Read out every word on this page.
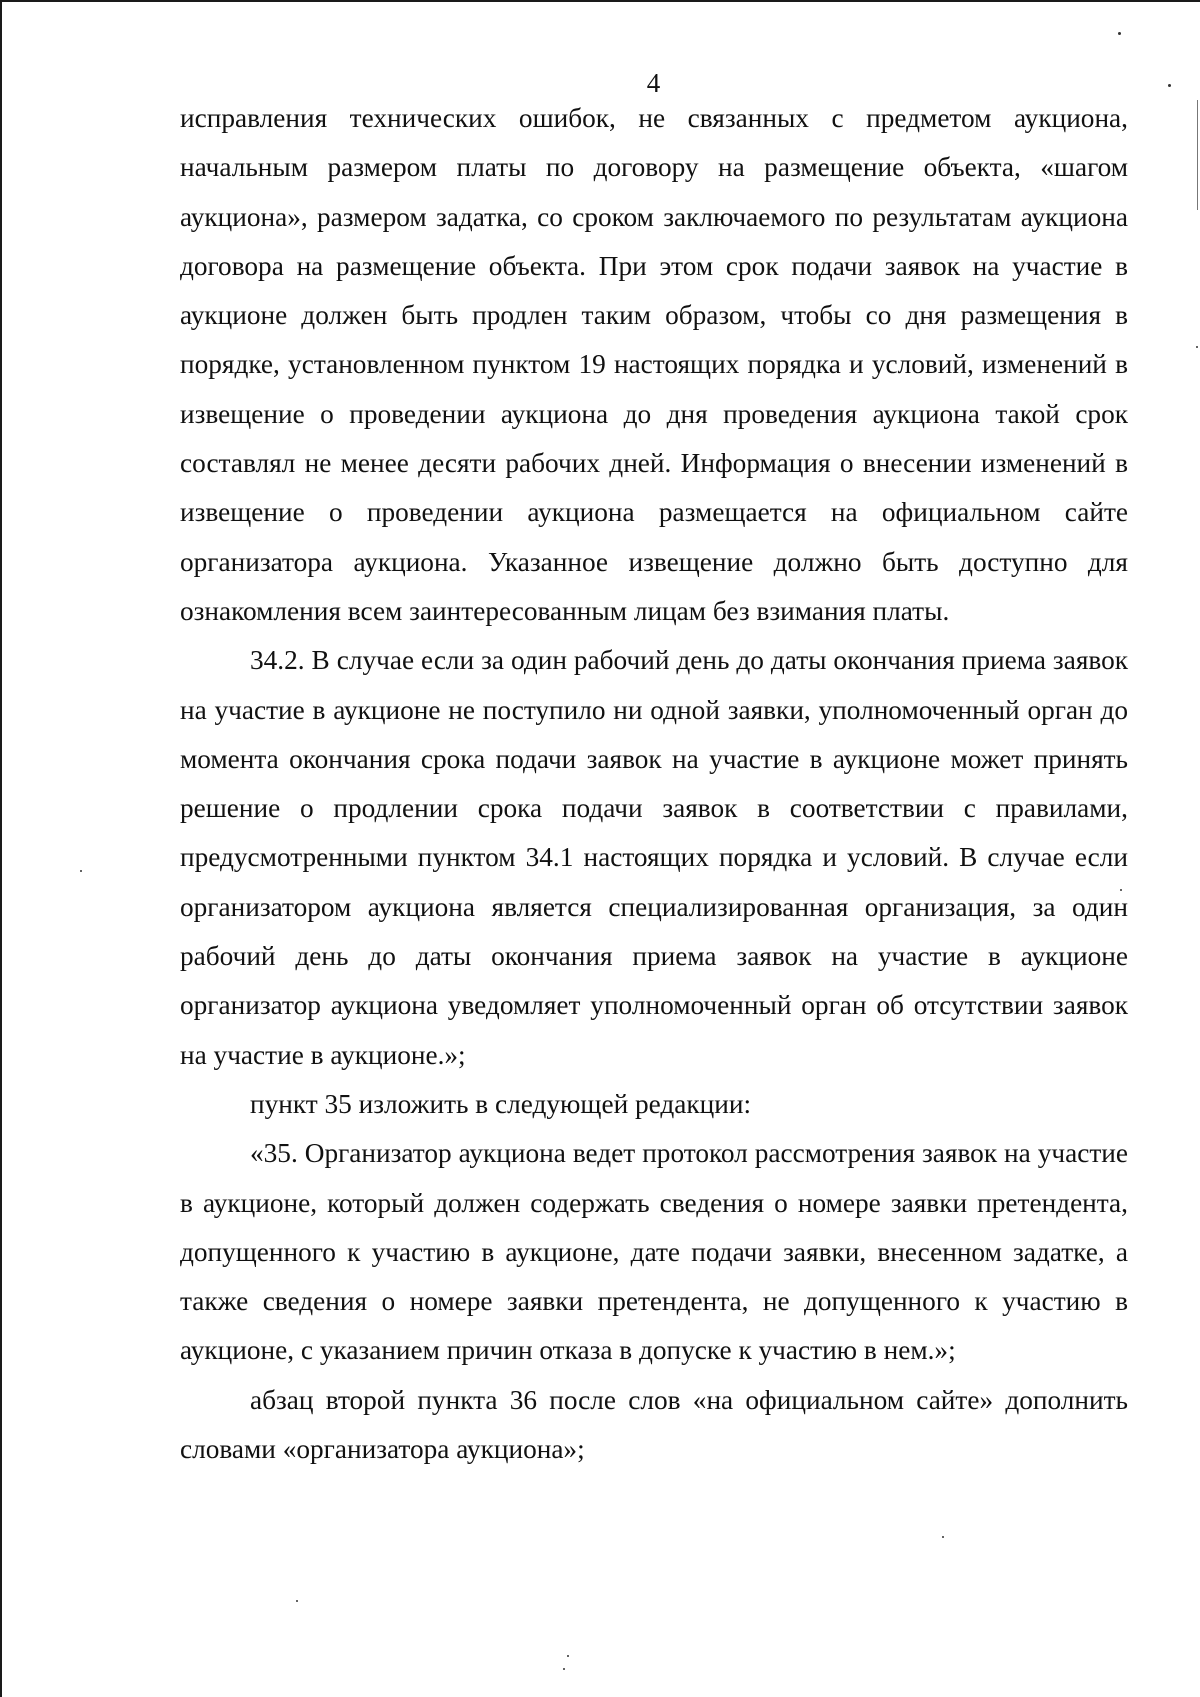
4

исправления технических ошибок, не связанных с предметом аукциона, начальным размером платы по договору на размещение объекта, «шагом аукциона», размером задатка, со сроком заключаемого по результатам аукциона договора на размещение объекта. При этом срок подачи заявок на участие в аукционе должен быть продлен таким образом, чтобы со дня размещения в порядке, установленном пунктом 19 настоящих порядка и условий, изменений в извещение о проведении аукциона до дня проведения аукциона такой срок составлял не менее десяти рабочих дней. Информация о внесении изменений в извещение о проведении аукциона размещается на официальном сайте организатора аукциона. Указанное извещение должно быть доступно для ознакомления всем заинтересованным лицам без взимания платы.

34.2. В случае если за один рабочий день до даты окончания приема заявок на участие в аукционе не поступило ни одной заявки, уполномоченный орган до момента окончания срока подачи заявок на участие в аукционе может принять решение о продлении срока подачи заявок в соответствии с правилами, предусмотренными пунктом 34.1 настоящих порядка и условий. В случае если организатором аукциона является специализированная организация, за один рабочий день до даты окончания приема заявок на участие в аукционе организатор аукциона уведомляет уполномоченный орган об отсутствии заявок на участие в аукционе.»;

пункт 35 изложить в следующей редакции:

«35. Организатор аукциона ведет протокол рассмотрения заявок на участие в аукционе, который должен содержать сведения о номере заявки претендента, допущенного к участию в аукционе, дате подачи заявки, внесенном задатке, а также сведения о номере заявки претендента, не допущенного к участию в аукционе, с указанием причин отказа в допуске к участию в нем.»;

абзац второй пункта 36 после слов «на официальном сайте» дополнить словами «организатора аукциона»;
